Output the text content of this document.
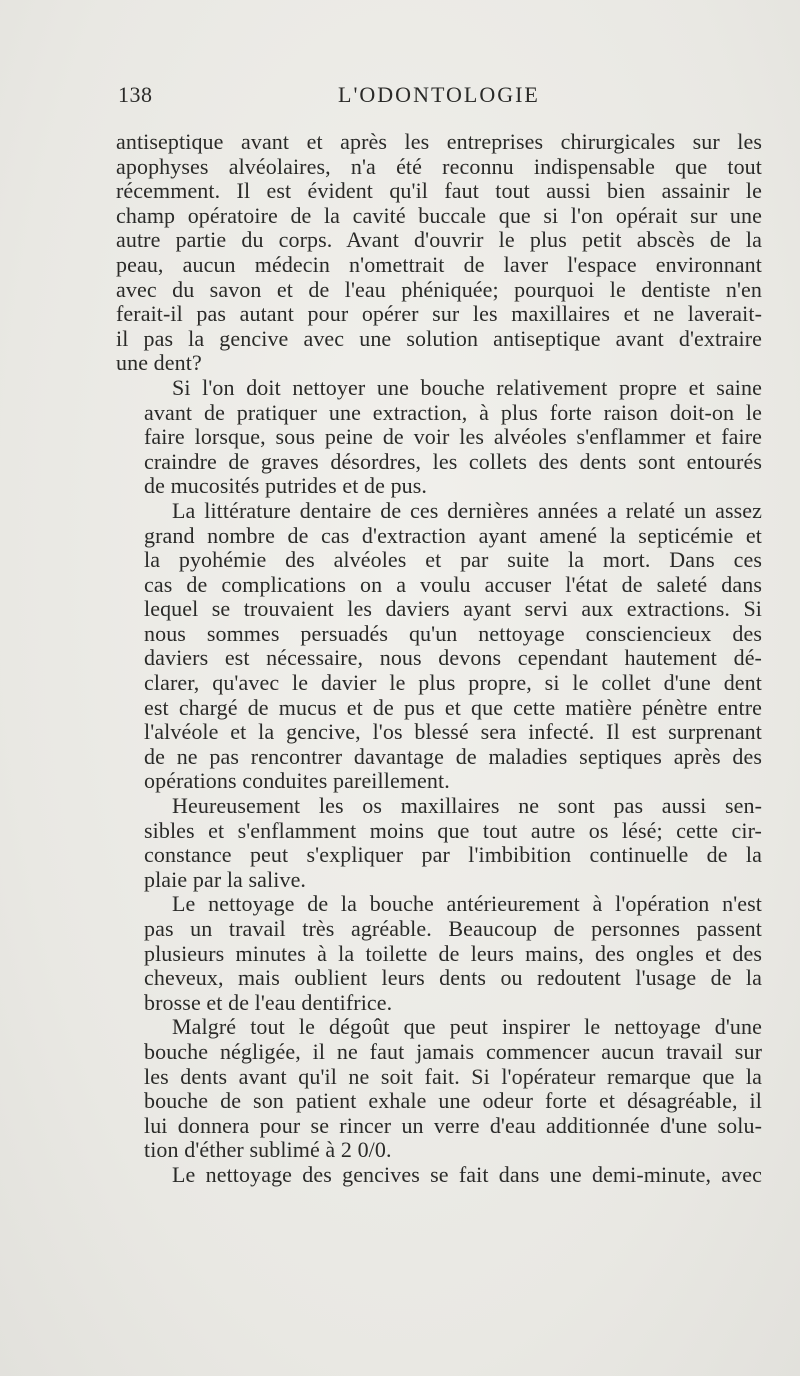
138	L'ODONTOLOGIE
antiseptique avant et après les entreprises chirurgicales sur les
apophyses alvéolaires, n'a été reconnu indispensable que tout
récemment. Il est évident qu'il faut tout aussi bien assainir le
champ opératoire de la cavité buccale que si l'on opérait sur une
autre partie du corps. Avant d'ouvrir le plus petit abscès de la
peau, aucun médecin n'omettrait de laver l'espace environnant
avec du savon et de l'eau phéniquée; pourquoi le dentiste n'en
ferait-il pas autant pour opérer sur les maxillaires et ne laverait-
il pas la gencive avec une solution antiseptique avant d'extraire
une dent?
Si l'on doit nettoyer une bouche relativement propre et saine
avant de pratiquer une extraction, à plus forte raison doit-on le
faire lorsque, sous peine de voir les alvéoles s'enflammer et faire
craindre de graves désordres, les collets des dents sont entourés
de mucosités putrides et de pus.
La littérature dentaire de ces dernières années a relaté un assez
grand nombre de cas d'extraction ayant amené la septicémie et
la pyohémie des alvéoles et par suite la mort. Dans ces
cas de complications on a voulu accuser l'état de saleté dans
lequel se trouvaient les daviers ayant servi aux extractions. Si
nous sommes persuadés qu'un nettoyage consciencieux des
daviers est nécessaire, nous devons cependant hautement dé-
clarer, qu'avec le davier le plus propre, si le collet d'une dent
est chargé de mucus et de pus et que cette matière pénètre entre
l'alvéole et la gencive, l'os blessé sera infecté. Il est surprenant
de ne pas rencontrer davantage de maladies septiques après des
opérations conduites pareillement.
Heureusement les os maxillaires ne sont pas aussi sen-
sibles et s'enflamment moins que tout autre os lésé; cette cir-
constance peut s'expliquer par l'imbibition continuelle de la
plaie par la salive.
Le nettoyage de la bouche antérieurement à l'opération n'est
pas un travail très agréable. Beaucoup de personnes passent
plusieurs minutes à la toilette de leurs mains, des ongles et des
cheveux, mais oublient leurs dents ou redoutent l'usage de la
brosse et de l'eau dentifrice.
Malgré tout le dégoût que peut inspirer le nettoyage d'une
bouche négligée, il ne faut jamais commencer aucun travail sur
les dents avant qu'il ne soit fait. Si l'opérateur remarque que la
bouche de son patient exhale une odeur forte et désagréable, il
lui donnera pour se rincer un verre d'eau additionnée d'une solu-
tion d'éther sublimé à 2 0/0.
Le nettoyage des gencives se fait dans une demi-minute, avec
